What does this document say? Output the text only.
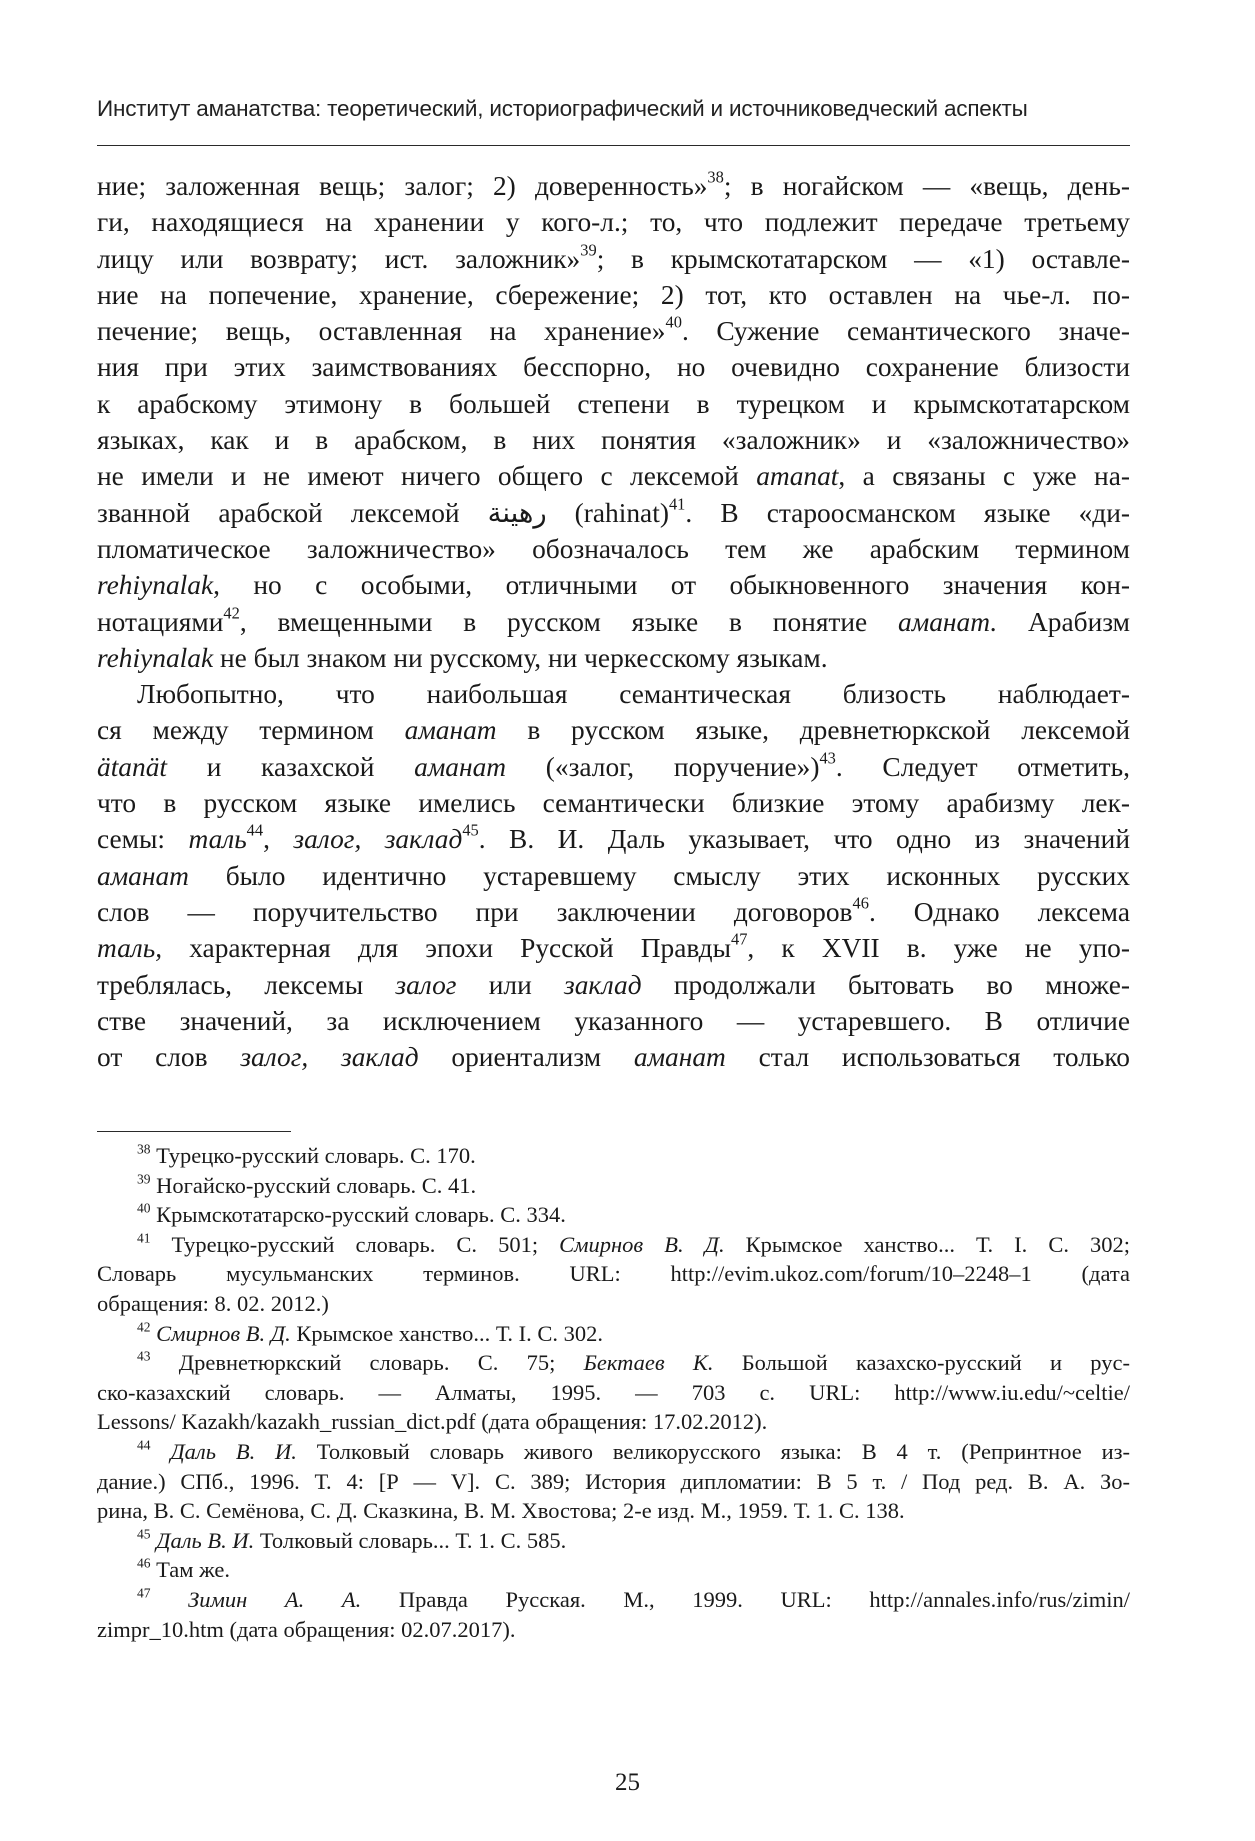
Институт аманатства: теоретический, историографический и источниковедческий аспекты
ние; заложенная вещь; залог; 2) доверенность»$^{38}$; в ногайском — «вещь, день-
ги, находящиеся на хранении у кого-л.; то, что подлежит передаче третьему
лицу или возврату; ист. заложник»$^{39}$; в крымскотатарском — «1) оставле-
ние на попечение, хранение, сбережение; 2) тот, кто оставлен на чье-л. по-
печение; вещь, оставленная на хранение»$^{40}$. Сужение семантического значе-
ния при этих заимствованиях бесспорно, но очевидно сохранение близости
к арабскому этимону в большей степени в турецком и крымскотатарском
языках, как и в арабском, в них понятия «заложник» и «заложничество»
не имели и не имеют ничего общего с лексемой amanat, а связаны с уже на-
званной арабской лексемой رهينة (rahinat)$^{41}$. В староосманском языке «ди-
пломатическое заложничество» обозначалось тем же арабским термином
rehiynalak, но с особыми, отличными от обыкновенного значения кон-
нотациями$^{42}$, вмещенными в русском языке в понятие аманат. Арабизм
rehiynalak не был знаком ни русскому, ни черкесскому языкам.
Любопытно, что наибольшая семантическая близость наблюдает-
ся между термином аманат в русском языке, древнетюркской лексемой
ätanät и казахской аманат («залог, поручение»)$^{43}$. Следует отметить,
что в русском языке имелись семантически близкие этому арабизму лек-
семы: таль$^{44}$, залог, заклад$^{45}$. В. И. Даль указывает, что одно из значений
аманат было идентично устаревшему смыслу этих исконных русских
слов — поручительство при заключении договоров$^{46}$. Однако лексема
таль, характерная для эпохи Русской Правды$^{47}$, к XVII в. уже не упо-
треблялась, лексемы залог или заклад продолжали бытовать во множе-
стве значений, за исключением указанного — устаревшего. В отличие
от слов залог, заклад ориентализм аманат стал использоваться только
$^{38}$ Турецко-русский словарь. С. 170.
$^{39}$ Ногайско-русский словарь. С. 41.
$^{40}$ Крымскотатарско-русский словарь. С. 334.
$^{41}$ Турецко-русский словарь. С. 501; Смирнов В. Д. Крымское ханство... Т. I. С. 302;
Словарь мусульманских терминов. URL: http://evim.ukoz.com/forum/10–2248–1 (дата
обращения: 8. 02. 2012.)
$^{42}$ Смирнов В. Д. Крымское ханство... Т. I. С. 302.
$^{43}$ Древнетюркский словарь. С. 75; Бектаев К. Большой казахско-русский и рус-
ско-казахский словарь. — Алматы, 1995. — 703 с. URL: http://www.iu.edu/~celtie/
Lessons/ Kazakh/kazakh_russian_dict.pdf (дата обращения: 17.02.2012).
$^{44}$ Даль В. И. Толковый словарь живого великорусского языка: В 4 т. (Репринтное из-
дание.) СПб., 1996. Т. 4: [Р — V]. С. 389; История дипломатии: В 5 т. / Под ред. В. А. Зо-
рина, В. С. Семёнова, С. Д. Сказкина, В. М. Хвостова; 2-е изд. М., 1959. Т. 1. С. 138.
$^{45}$ Даль В. И. Толковый словарь... Т. 1. С. 585.
$^{46}$ Там же.
$^{47}$ Зимин А. А. Правда Русская. М., 1999. URL: http://annales.info/rus/zimin/
zimpr_10.htm (дата обращения: 02.07.2017).
25
